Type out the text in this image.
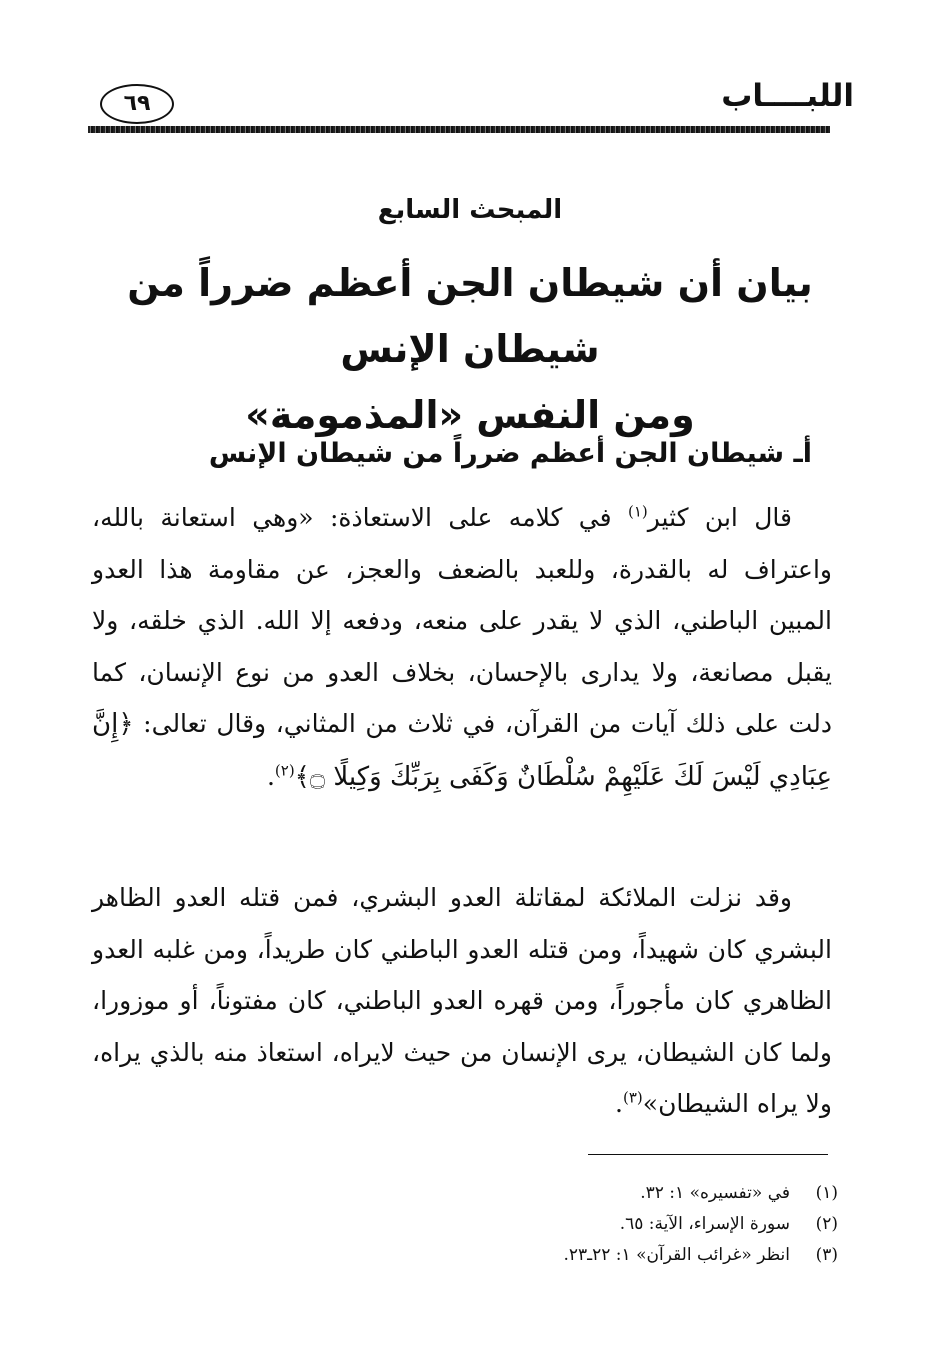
اللبــــاب
٦٩
المبحث السابع
بيان أن شيطان الجن أعظم ضرراً من شيطان الإنس
ومن النفس «المذمومة»
أـ شيطان الجن أعظم ضرراً من شيطان الإنس
قال ابن كثير$^{(١)}$ في كلامه على الاستعاذة: «وهي استعانة بالله، واعتراف له بالقدرة، وللعبد بالضعف والعجز، عن مقاومة هذا العدو المبين الباطني، الذي لا يقدر على منعه، ودفعه إلا الله. الذي خلقه، ولا يقبل مصانعة، ولا يدارى بالإحسان، بخلاف العدو من نوع الإنسان، كما دلت على ذلك آيات من القرآن، في ثلاث من المثاني، وقال تعالى: ﴿إِنَّ عِبَادِي لَيْسَ لَكَ عَلَيْهِمْ سُلْطَانٌ وَكَفَى بِرَبِّكَ وَكِيلًا ۝﴾$^{(٢)}$.
وقد نزلت الملائكة لمقاتلة العدو البشري، فمن قتله العدو الظاهر البشري كان شهيداً، ومن قتله العدو الباطني كان طريداً، ومن غلبه العدو الظاهري كان مأجوراً، ومن قهره العدو الباطني، كان مفتوناً، أو موزورا، ولما كان الشيطان، يرى الإنسان من حيث لايراه، استعاذ منه بالذي يراه، ولا يراه الشيطان»$^{(٣)}$.
(١)في «تفسيره» ١: ٣٢.
(٢)سورة الإسراء، الآية: ٦٥.
(٣)انظر «غرائب القرآن» ١: ٢٢ـ٢٣.
